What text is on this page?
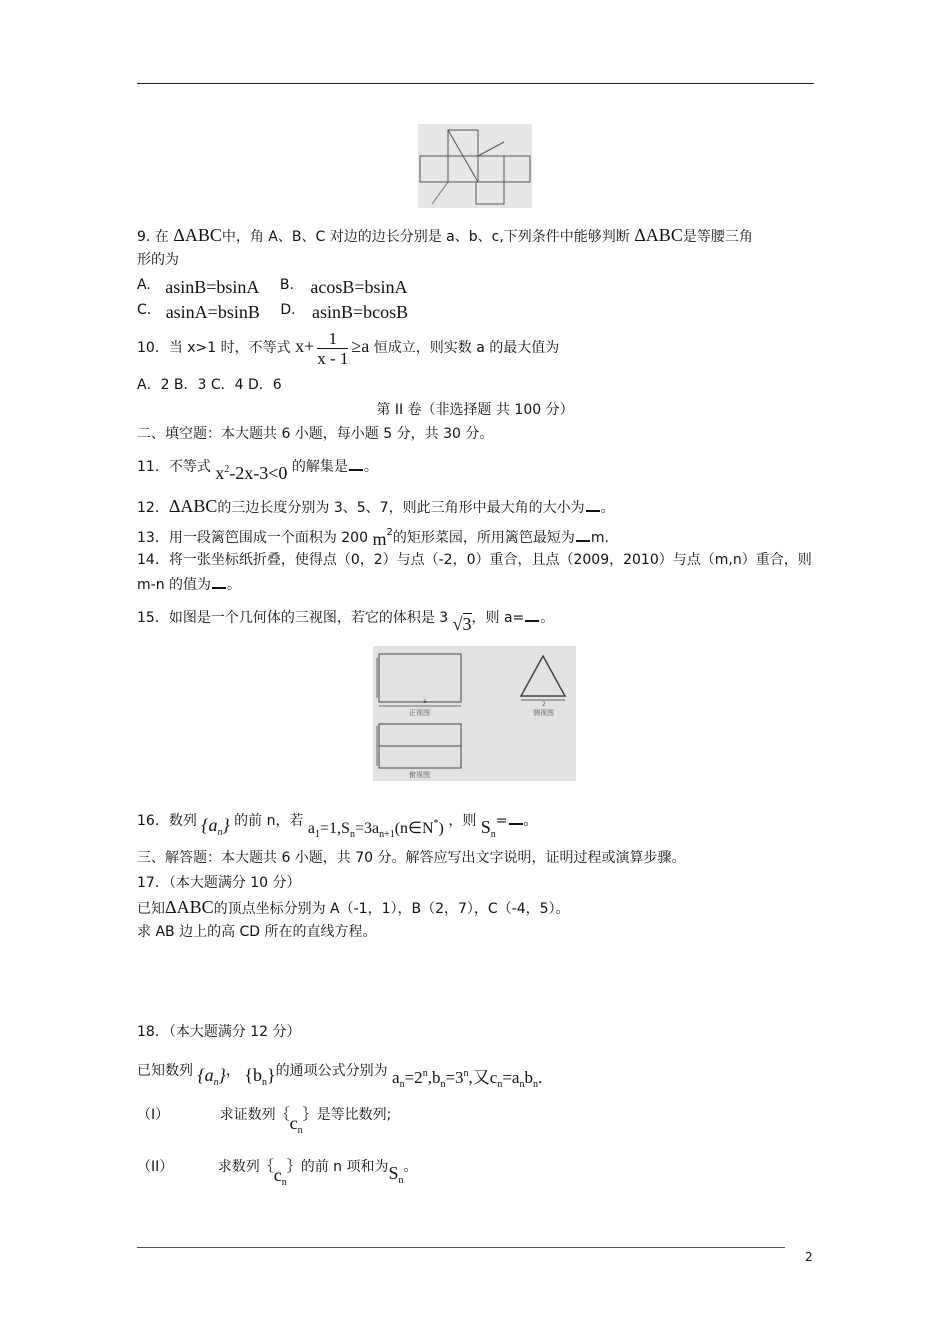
9. 在 ΔABC中，角 A、B、C 对边的边长分别是 a、b、c,下列条件中能够判断 ΔABC是等腰三角
形的为
A. asinB=bsinA B. acosB=bsinA
C. asinA=bsinB D. asinB=bcosB
10．当 x>1 时，不等式 $x+ \frac{1}{x - 1} \ge a$ 恒成立，则实数 a 的最大值为
A．2 B．3 C．4 D．6
第 II 卷（非选择题 共 100 分）
二、填空题：本大题共 6 小题，每小题 5 分，共 30 分。
11．不等式 $x^2-2x-3<0$ 的解集是 。
12．ΔABC的三边长度分别为 3、5、7，则此三角形中最大角的大小为 。
13．用一段篱笆围成一个面积为 200 $m^2$的矩形菜园，所用篱笆最短为 m.
14．将一张坐标纸折叠，使得点（0，2）与点（-2，0）重合，且点（2009，2010）与点（m,n）重合，则
m-n 的值为 。
15．如图是一个几何体的三视图，若它的体积是 3 √3，则 a= 。
a
正视图
2
侧视图
俯视图
16．数列 $\{a_n\}$ 的前 n，若 $a_1=1,S_n=3a_{n+1}(n\in N^*)$ ，则 $S_n=$ 。
三、解答题：本大题共 6 小题，共 70 分。解答应写出文字说明，证明过程或演算步骤。
17．（本大题满分 10 分）
已知ΔABC的顶点坐标分别为 A（-1，1），B（2，7），C（-4，5）。
求 AB 边上的高 CD 所在的直线方程。
18．（本大题满分 12 分）
已知数列 $\{a_n\}$， $\{b_n\}$的通项公式分别为 $a_n=2^n,b_n=3^n$,又$c_n=a_nb_n$.
（I）	求证数列$\{c_n\}$是等比数列;
（II）	求数列$\{c_n\}$的前 n 项和为$S_n$。
2
